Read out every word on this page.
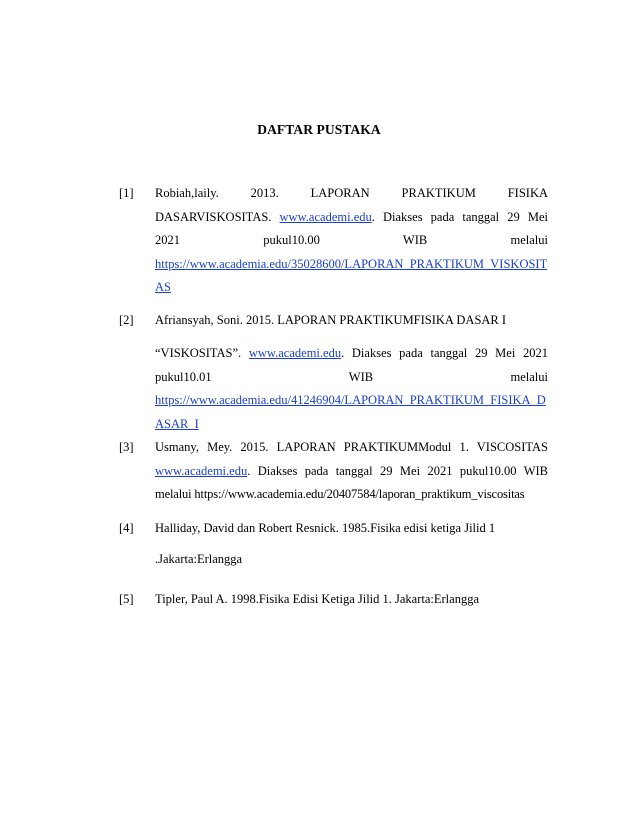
DAFTAR PUSTAKA
[1] Robiah,laily. 2013. LAPORAN PRAKTIKUM FISIKA
DASARVISKOSITAS. www.academi.edu. Diakses pada tanggal 29 Mei
2021 pukul10.00 WIB melalui
https://www.academia.edu/35028600/LAPORAN_PRAKTIKUM_VISKOSIT
AS
[2] Afriansyah, Soni. 2015. LAPORAN PRAKTIKUMFISIKA DASAR I
“VISKOSITAS”. www.academi.edu. Diakses pada tanggal 29 Mei 2021
pukul10.01 WIB melalui
https://www.academia.edu/41246904/LAPORAN_PRAKTIKUM_FISIKA_D
ASAR_I
[3] Usmany, Mey. 2015. LAPORAN PRAKTIKUMModul 1. VISCOSITAS
www.academi.edu. Diakses pada tanggal 29 Mei 2021 pukul10.00 WIB
melalui https://www.academia.edu/20407584/laporan_praktikum_viscositas
[4] Halliday, David dan Robert Resnick. 1985.Fisika edisi ketiga Jilid 1
.Jakarta:Erlangga
[5] Tipler, Paul A. 1998.Fisika Edisi Ketiga Jilid 1. Jakarta:Erlangga
